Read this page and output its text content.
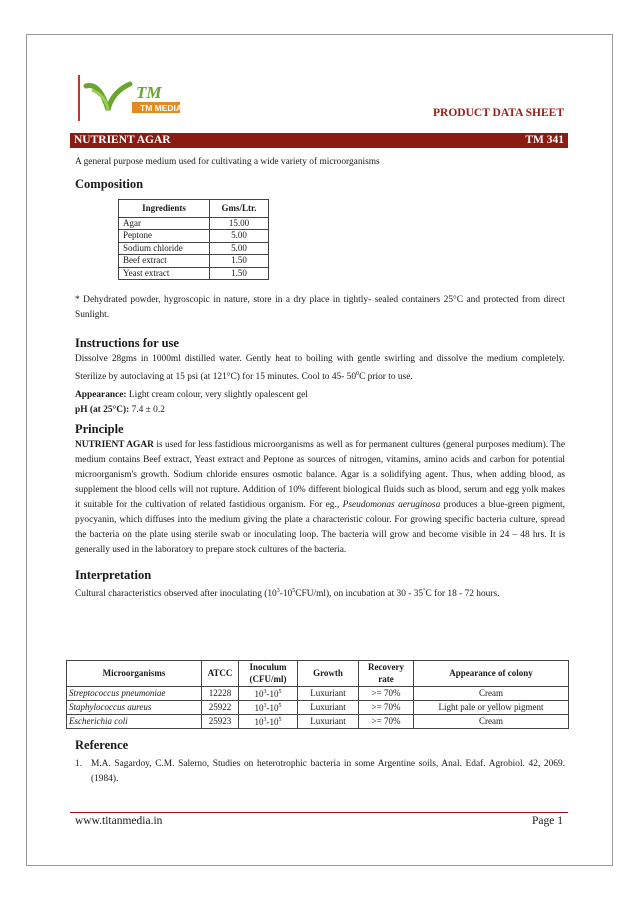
TM
TM MEDIA	PRODUCT DATA SHEET
NUTRIENT AGAR	TM 341

A general purpose medium used for cultivating a wide variety of microorganisms

Composition
Ingredients	Gms/Ltr.
Agar	15.00
Peptone	5.00
Sodium chloride	5.00
Beef extract	1.50
Yeast extract	1.50

* Dehydrated powder, hygroscopic in nature, store in a dry place in tightly- sealed containers 25°C and protected from direct Sunlight.

Instructions for use

Dissolve 28gms in 1000ml distilled water. Gently heat to boiling with gentle swirling and dissolve the medium completely. Sterilize by autoclaving at 15 psi (at 121°C) for 15 minutes. Cool to 45- $50^0C$ prior to use.

Appearance: Light cream colour, very slightly opalescent gel

pH (at 25°C): 7.4 ± 0.2

Principle

NUTRIENT AGAR is used for less fastidious microorganisms as well as for permanent cultures (general purposes medium). The medium contains Beef extract, Yeast extract and Peptone as sources of nitrogen, vitamins, amino acids and carbon for potential microorganism's growth. Sodium chloride ensures osmotic balance. Agar is a solidifying agent. Thus, when adding blood, as supplement the blood cells will not rupture. Addition of 10% different biological fluids such as blood, serum and egg yolk makes it suitable for the cultivation of related fastidious organism. For eg., Pseudomonas aeruginosa produces a blue-green pigment, pyocyanin, which diffuses into the medium giving the plate a characteristic colour. For growing specific bacteria culture, spread the bacteria on the plate using sterile swab or inoculating loop. The bacteria will grow and become visible in 24 – 48 hrs. It is generally used in the laboratory to prepare stock cultures of the bacteria.

Interpretation

Cultural characteristics observed after inoculating $(10^3-10^5CFU/ml)$, on incubation at 30 - 35°C for 18 - 72 hours.

Microorganisms	ATCC	Inoculum (CFU/ml)	Growth	Recovery rate	Appearance of colony
Streptococcus pneumoniae	12228	$10^3-10^5$	Luxuriant	>= 70%	Cream
Staphylococcus aureus	25922	$10^3-10^5$	Luxuriant	>= 70%	Light pale or yellow pigment
Escherichia coli	25923	$10^3-10^5$	Luxuriant	>= 70%	Cream
Reference
1. M.A. Sagardoy, C.M. Salerno, Studies on heterotrophic bacteria in some Argentine soils, Anal. Edaf. Agrobiol. 42, 2069. (1984).
www.titanmedia.in	Page 1
